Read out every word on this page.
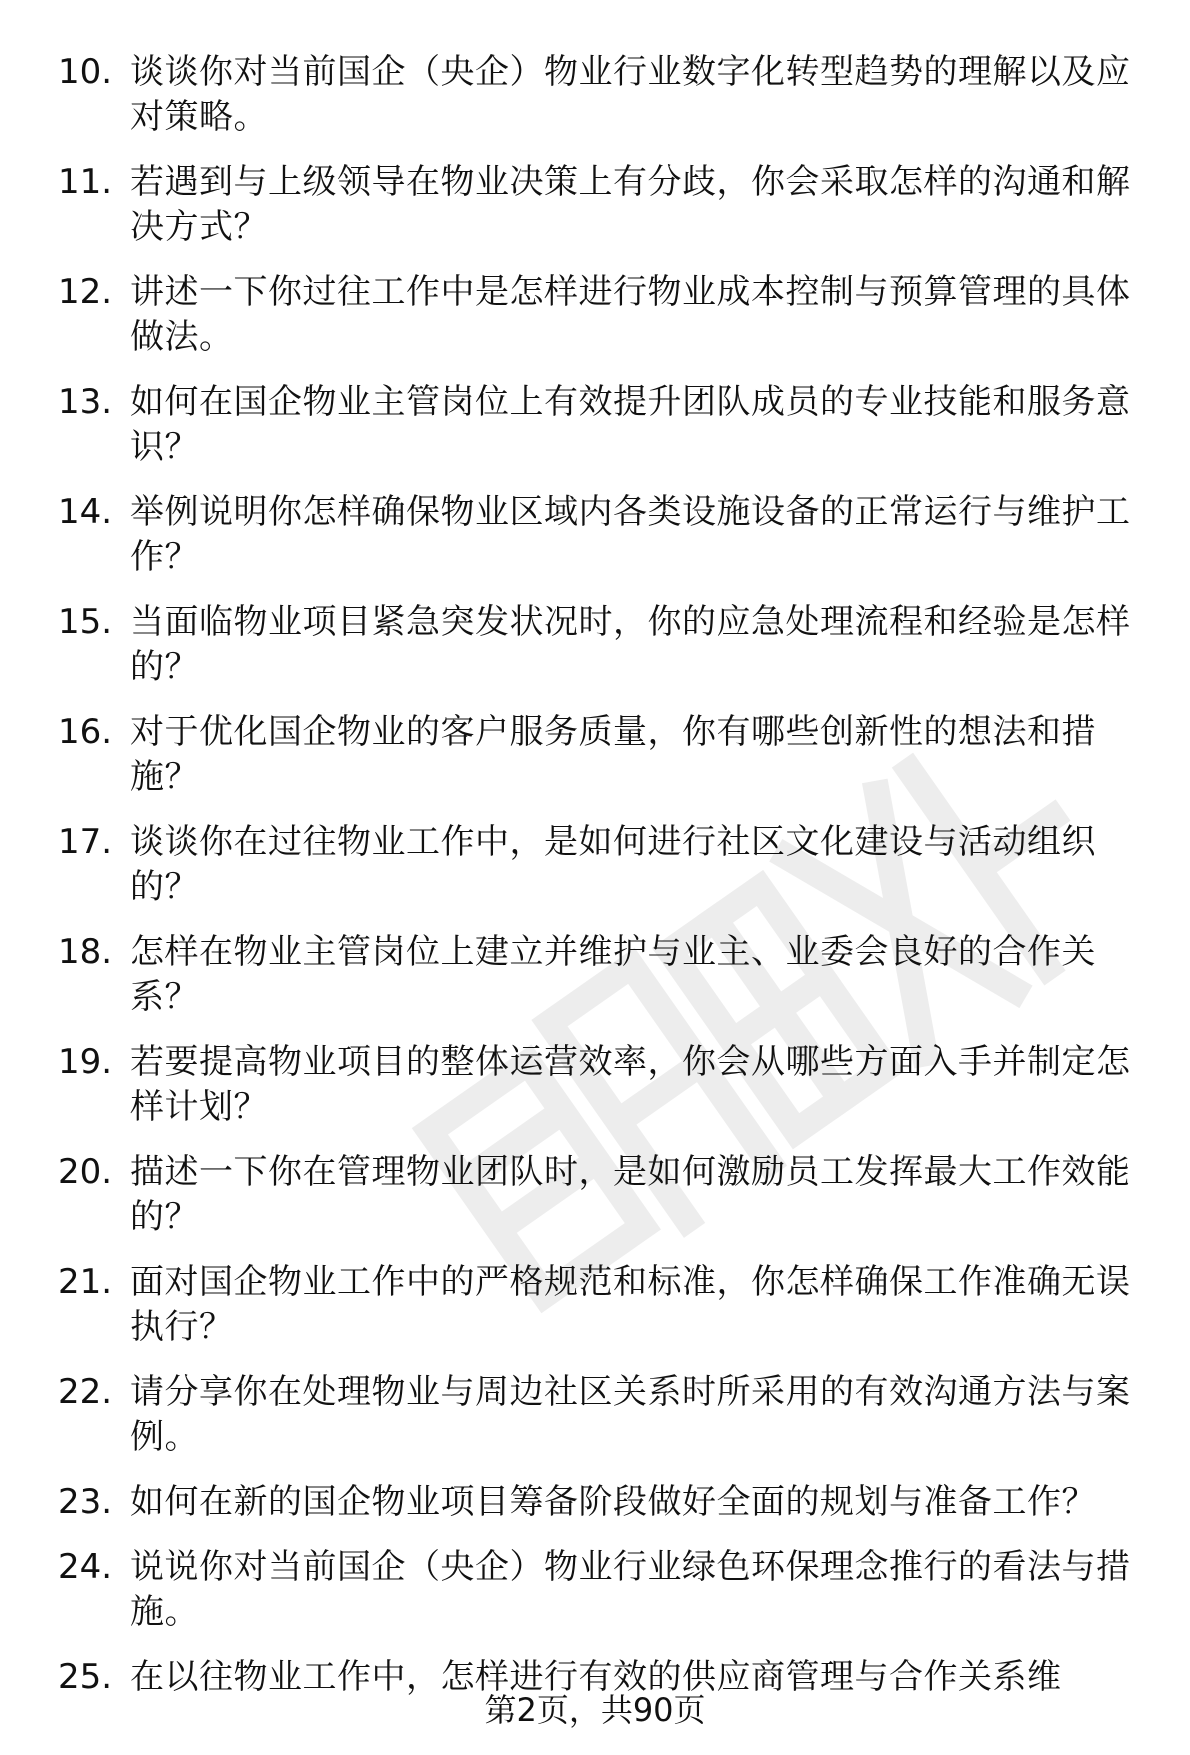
10. 谈谈你对当前国企（央企）物业行业数字化转型趋势的理解以及应对策略。
11. 若遇到与上级领导在物业决策上有分歧，你会采取怎样的沟通和解决方式？
12. 讲述一下你过往工作中是怎样进行物业成本控制与预算管理的具体做法。
13. 如何在国企物业主管岗位上有效提升团队成员的专业技能和服务意识？
14. 举例说明你怎样确保物业区域内各类设施设备的正常运行与维护工作？
15. 当面临物业项目紧急突发状况时，你的应急处理流程和经验是怎样的？
16. 对于优化国企物业的客户服务质量，你有哪些创新性的想法和措施？
17. 谈谈你在过往物业工作中，是如何进行社区文化建设与活动组织的？
18. 怎样在物业主管岗位上建立并维护与业主、业委会良好的合作关系？
19. 若要提高物业项目的整体运营效率，你会从哪些方面入手并制定怎样计划？
20. 描述一下你在管理物业团队时，是如何激励员工发挥最大工作效能的？
21. 面对国企物业工作中的严格规范和标准，你怎样确保工作准确无误执行？
22. 请分享你在处理物业与周边社区关系时所采用的有效沟通方法与案例。
23. 如何在新的国企物业项目筹备阶段做好全面的规划与准备工作？
24. 说说你对当前国企（央企）物业行业绿色环保理念推行的看法与措施。
25. 在以往物业工作中，怎样进行有效的供应商管理与合作关系维
第2页，共90页
